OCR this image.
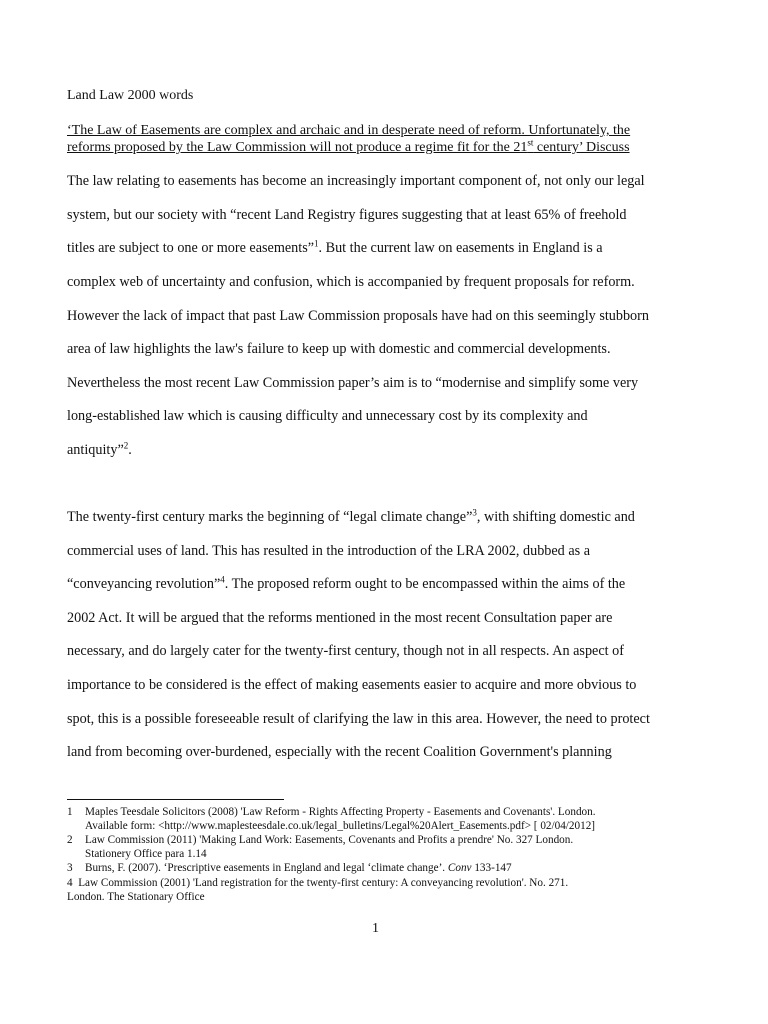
Land Law 2000 words
‘The Law of Easements are complex and archaic and in desperate need of reform. Unfortunately, the
reforms proposed by the Law Commission will not produce a regime fit for the 21st century’ Discuss
The law relating to easements has become an increasingly important component of, not only our legal
system, but our society with “recent Land Registry figures suggesting that at least 65% of freehold
titles are subject to one or more easements”$^1$. But the current law on easements in England is a
complex web of uncertainty and confusion, which is accompanied by frequent proposals for reform.
However the lack of impact that past Law Commission proposals have had on this seemingly stubborn
area of law highlights the law's failure to keep up with domestic and commercial developments.
Nevertheless the most recent Law Commission paper’s aim is to “modernise and simplify some very
long-established law which is causing difficulty and unnecessary cost by its complexity and
antiquity”$^2$.
The twenty-first century marks the beginning of “legal climate change”$^3$, with shifting domestic and
commercial uses of land. This has resulted in the introduction of the LRA 2002, dubbed as a
“conveyancing revolution”$^4$. The proposed reform ought to be encompassed within the aims of the
2002 Act. It will be argued that the reforms mentioned in the most recent Consultation paper are
necessary, and do largely cater for the twenty-first century, though not in all respects. An aspect of
importance to be considered is the effect of making easements easier to acquire and more obvious to
spot, this is a possible foreseeable result of clarifying the law in this area. However, the need to protect
land from becoming over-burdened, especially with the recent Coalition Government's planning
1 Maples Teesdale Solicitors (2008) 'Law Reform - Rights Affecting Property - Easements and Covenants'. London.
Available form: <http://www.maplesteesdale.co.uk/legal_bulletins/Legal%20Alert_Easements.pdf> [ 02/04/2012]
2 Law Commission (2011) 'Making Land Work: Easements, Covenants and Profits a prendre' No. 327 London.
Stationery Office para 1.14
3 Burns, F. (2007). ‘Prescriptive easements in England and legal ‘climate change’. Conv 133-147
4 Law Commission (2001) 'Land registration for the twenty-first century: A conveyancing revolution'. No. 271.
London. The Stationary Office
1
